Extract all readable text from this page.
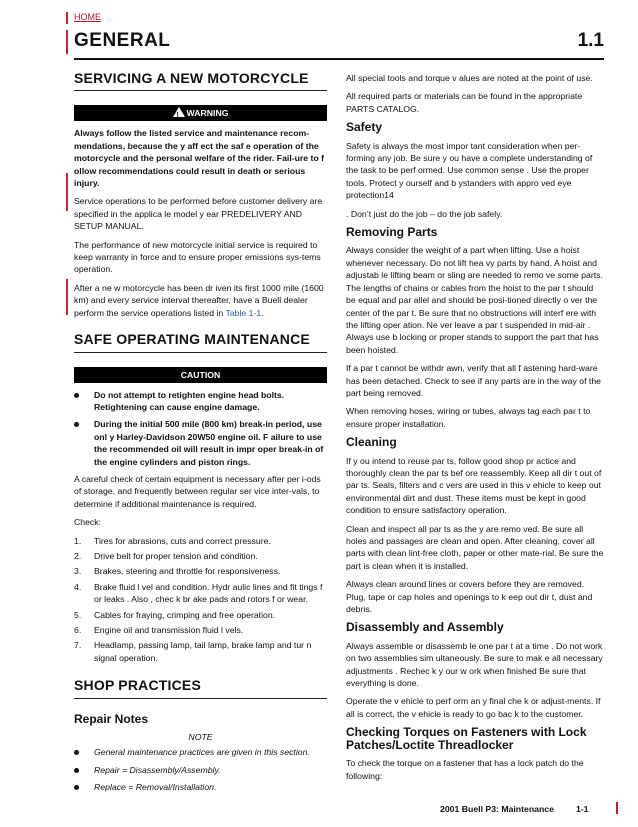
HOME
GENERAL	1.1
SERVICING A NEW MOTORCYCLE
!WARNING

Always follow the listed service and maintenance recom-mendations, because the y aff ect the saf e operation of the motorcycle and the personal welfare of the rider. Fail-ure to f ollow recommendations could result in death or serious injury.

Service operations to be performed before customer delivery are specified in the applica le model y ear PREDELIVERY AND SETUP MANUAL.

The performance of new motorcycle initial service is required to keep warranty in force and to ensure proper emissions sys-tems operation.

After a ne w motorcycle has been dr iven its first 1000 mile (1600 km) and every service interval thereafter, have a Buell dealer perform the service operations listed in Table 1-1.

SAFE OPERATING MAINTENANCE
CAUTION
Do not attempt to retighten engine head bolts. Retightening can cause engine damage.
During the initial 500 mile (800 km) break-in period, use onl y Harley-Davidson 20W50 engine oil. F ailure to use the recommended oil will result in impr oper break-in of the engine cylinders and piston rings.

A careful check of certain equipment is necessary after per i-ods of storage, and frequently between regular ser vice inter-vals, to determine if additional maintenance is required.

Check:

1.	Tires for abrasions, cuts and correct pressure.
2.	Drive belt for proper tension and condition.
3.	Brakes, steering and throttle for responsiveness.
4.	Brake fluid l vel and condition. Hydr aulic lines and fit tings f or leaks . Also , chec k br ake pads and rotors f or wear.
5.	Cables for fraying, crimping and free operation.
6.	Engine oil and transmission fluid l vels.
7.	Headlamp, passing lamp, tail lamp, brake lamp and tur n signal operation.
SHOP PRACTICES
Repair Notes

NOTE

General maintenance practices are given in this section.
Repair = Disassembly/Assembly.
Replace = Removal/Installation.

All special tools and torque v alues are noted at the point of use.

All required parts or materials can be found in the appropriate PARTS CATALOG.

Safety

Safety is always the most impor tant consideration when per-forming any job. Be sure y ou have a complete understanding of the task to be perf ormed. Use common sense . Use the proper tools. Protect y ourself and b ystanders with appro ved eye protection14

. Don’t just do the job – do the job safely.

Removing Parts

Always consider the weight of a part when lifting. Use a hoist whenever necessary. Do not lift hea vy parts by hand. A hoist and adjustab le lifting beam or sling are needed to remo ve some parts. The lengths of chains or cables from the hoist to the par t should be equal and par allel and should be posi-tioned directly o ver the center of the par t. Be sure that no obstructions will interf ere with the lifting oper ation. Ne ver leave a par t suspended in mid-air . Always use b locking or proper stands to support the part that has been hoisted.

If a par t cannot be withdr awn, verify that all f astening hard-ware has been detached. Check to see if any parts are in the way of the part being removed.

When removing hoses, wiring or tubes, always tag each par t to ensure proper installation.

Cleaning

If y ou intend to reuse par ts, follow good shop pr actice and thoroughly clean the par ts bef ore reassembly. Keep all dir t out of par ts. Seals, filters and c vers are used in this v ehicle to keep out environmental dirt and dust. These items must be kept in good condition to ensure satisfactory operation.

Clean and inspect all par ts as the y are remo ved. Be sure all holes and passages are clean and open. After cleaning, cover all parts with clean lint-free cloth, paper or other mate-rial. Be sure the part is clean when it is installed.

Always clean around lines or covers before they are removed. Plug, tape or cap holes and openings to k eep out dir t, dust and debris.

Disassembly and Assembly

Always assemble or disassemb le one par t at a time . Do not work on two assemblies sim ultaneously. Be sure to mak e all necessary adjustments . Rechec k y our w ork when finished Be sure that everything is done.

Operate the v ehicle to perf orm an y final che k or adjust-ments. If all is correct, the v ehicle is ready to go bac k to the customer.

Checking Torques on Fasteners with Lock Patches/Loctite Threadlocker

To check the torque on a fastener that has a lock patch do the following:

2001 Buell P3: Maintenance	1-1
